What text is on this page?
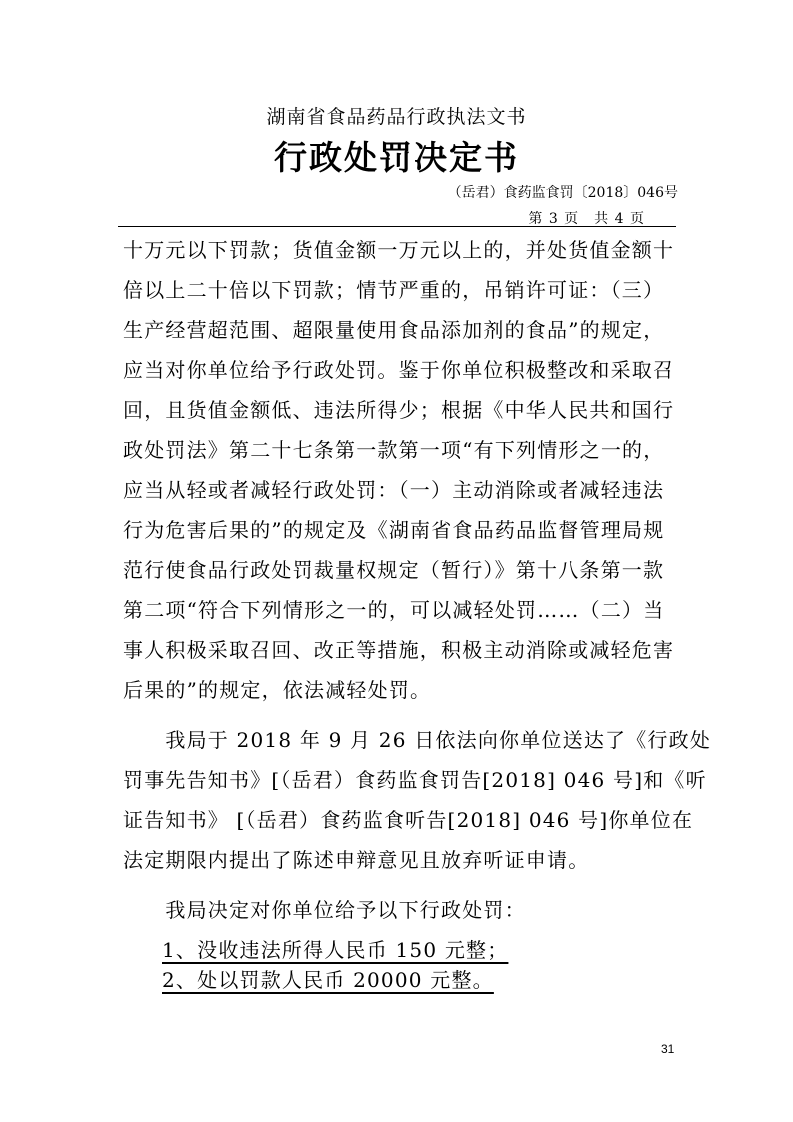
湖南省食品药品行政执法文书
行政处罚决定书
（岳君）食药监食罚〔2018〕046号
第 3 页　共 4 页
十万元以下罚款；货值金额一万元以上的，并处货值金额十
倍以上二十倍以下罚款；情节严重的，吊销许可证：（三）
生产经营超范围、超限量使用食品添加剂的食品”的规定，
应当对你单位给予行政处罚。鉴于你单位积极整改和采取召
回，且货值金额低、违法所得少；根据《中华人民共和国行
政处罚法》第二十七条第一款第一项“有下列情形之一的，
应当从轻或者减轻行政处罚：（一）主动消除或者减轻违法
行为危害后果的”的规定及《湖南省食品药品监督管理局规
范行使食品行政处罚裁量权规定（暂行）》第十八条第一款
第二项“符合下列情形之一的，可以减轻处罚……（二）当
事人积极采取召回、改正等措施，积极主动消除或减轻危害
后果的”的规定，依法减轻处罚。
　　我局于 2018 年 9 月 26 日依法向你单位送达了《行政处
罚事先告知书》[（岳君）食药监食罚告[2018] 046 号]和《听
证告知书》 [（岳君）食药监食听告[2018] 046 号]你单位在
法定期限内提出了陈述申辩意见且放弃听证申请。
　　我局决定对你单位给予以下行政处罚：
1、没收违法所得人民币 150 元整；
2、处以罚款人民币 20000 元整。
31
